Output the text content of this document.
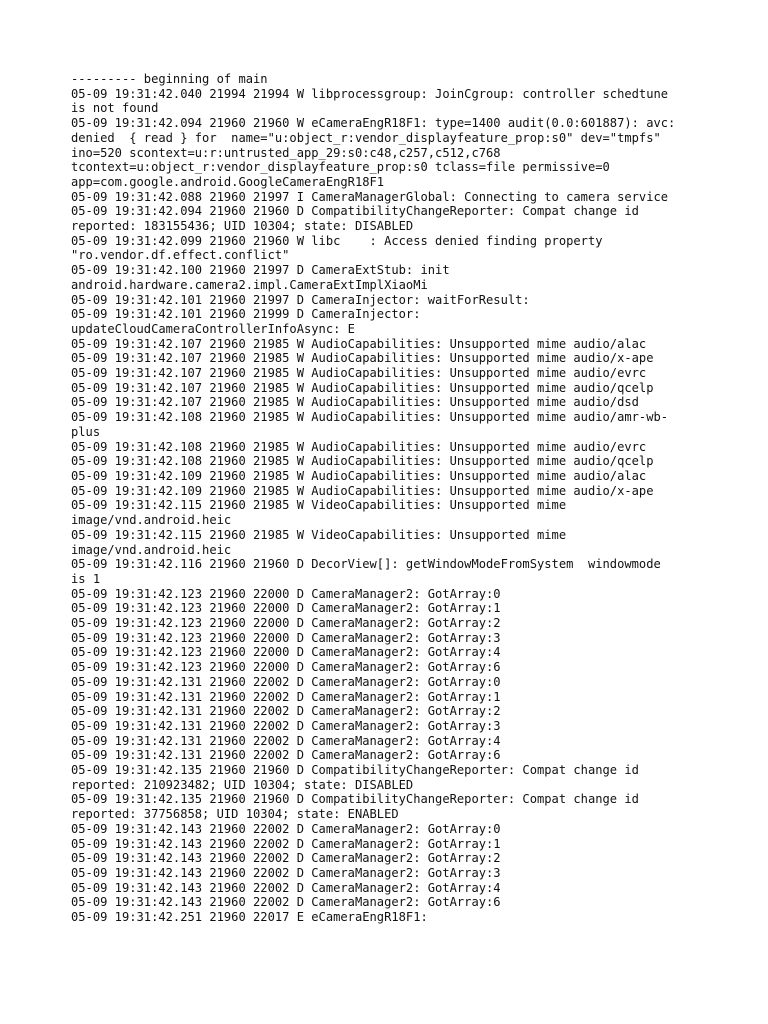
--------- beginning of main
05-09 19:31:42.040 21994 21994 W libprocessgroup: JoinCgroup: controller schedtune
is not found
05-09 19:31:42.094 21960 21960 W eCameraEngR18F1: type=1400 audit(0.0:601887): avc:
denied  { read } for  name="u:object_r:vendor_displayfeature_prop:s0" dev="tmpfs"
ino=520 scontext=u:r:untrusted_app_29:s0:c48,c257,c512,c768
tcontext=u:object_r:vendor_displayfeature_prop:s0 tclass=file permissive=0
app=com.google.android.GoogleCameraEngR18F1
05-09 19:31:42.088 21960 21997 I CameraManagerGlobal: Connecting to camera service
05-09 19:31:42.094 21960 21960 D CompatibilityChangeReporter: Compat change id
reported: 183155436; UID 10304; state: DISABLED
05-09 19:31:42.099 21960 21960 W libc    : Access denied finding property
"ro.vendor.df.effect.conflict"
05-09 19:31:42.100 21960 21997 D CameraExtStub: init
android.hardware.camera2.impl.CameraExtImplXiaoMi
05-09 19:31:42.101 21960 21997 D CameraInjector: waitForResult:
05-09 19:31:42.101 21960 21999 D CameraInjector:
updateCloudCameraControllerInfoAsync: E
05-09 19:31:42.107 21960 21985 W AudioCapabilities: Unsupported mime audio/alac
05-09 19:31:42.107 21960 21985 W AudioCapabilities: Unsupported mime audio/x-ape
05-09 19:31:42.107 21960 21985 W AudioCapabilities: Unsupported mime audio/evrc
05-09 19:31:42.107 21960 21985 W AudioCapabilities: Unsupported mime audio/qcelp
05-09 19:31:42.107 21960 21985 W AudioCapabilities: Unsupported mime audio/dsd
05-09 19:31:42.108 21960 21985 W AudioCapabilities: Unsupported mime audio/amr-wb-
plus
05-09 19:31:42.108 21960 21985 W AudioCapabilities: Unsupported mime audio/evrc
05-09 19:31:42.108 21960 21985 W AudioCapabilities: Unsupported mime audio/qcelp
05-09 19:31:42.109 21960 21985 W AudioCapabilities: Unsupported mime audio/alac
05-09 19:31:42.109 21960 21985 W AudioCapabilities: Unsupported mime audio/x-ape
05-09 19:31:42.115 21960 21985 W VideoCapabilities: Unsupported mime
image/vnd.android.heic
05-09 19:31:42.115 21960 21985 W VideoCapabilities: Unsupported mime
image/vnd.android.heic
05-09 19:31:42.116 21960 21960 D DecorView[]: getWindowModeFromSystem  windowmode
is 1
05-09 19:31:42.123 21960 22000 D CameraManager2: GotArray:0
05-09 19:31:42.123 21960 22000 D CameraManager2: GotArray:1
05-09 19:31:42.123 21960 22000 D CameraManager2: GotArray:2
05-09 19:31:42.123 21960 22000 D CameraManager2: GotArray:3
05-09 19:31:42.123 21960 22000 D CameraManager2: GotArray:4
05-09 19:31:42.123 21960 22000 D CameraManager2: GotArray:6
05-09 19:31:42.131 21960 22002 D CameraManager2: GotArray:0
05-09 19:31:42.131 21960 22002 D CameraManager2: GotArray:1
05-09 19:31:42.131 21960 22002 D CameraManager2: GotArray:2
05-09 19:31:42.131 21960 22002 D CameraManager2: GotArray:3
05-09 19:31:42.131 21960 22002 D CameraManager2: GotArray:4
05-09 19:31:42.131 21960 22002 D CameraManager2: GotArray:6
05-09 19:31:42.135 21960 21960 D CompatibilityChangeReporter: Compat change id
reported: 210923482; UID 10304; state: DISABLED
05-09 19:31:42.135 21960 21960 D CompatibilityChangeReporter: Compat change id
reported: 37756858; UID 10304; state: ENABLED
05-09 19:31:42.143 21960 22002 D CameraManager2: GotArray:0
05-09 19:31:42.143 21960 22002 D CameraManager2: GotArray:1
05-09 19:31:42.143 21960 22002 D CameraManager2: GotArray:2
05-09 19:31:42.143 21960 22002 D CameraManager2: GotArray:3
05-09 19:31:42.143 21960 22002 D CameraManager2: GotArray:4
05-09 19:31:42.143 21960 22002 D CameraManager2: GotArray:6
05-09 19:31:42.251 21960 22017 E eCameraEngR18F1:
